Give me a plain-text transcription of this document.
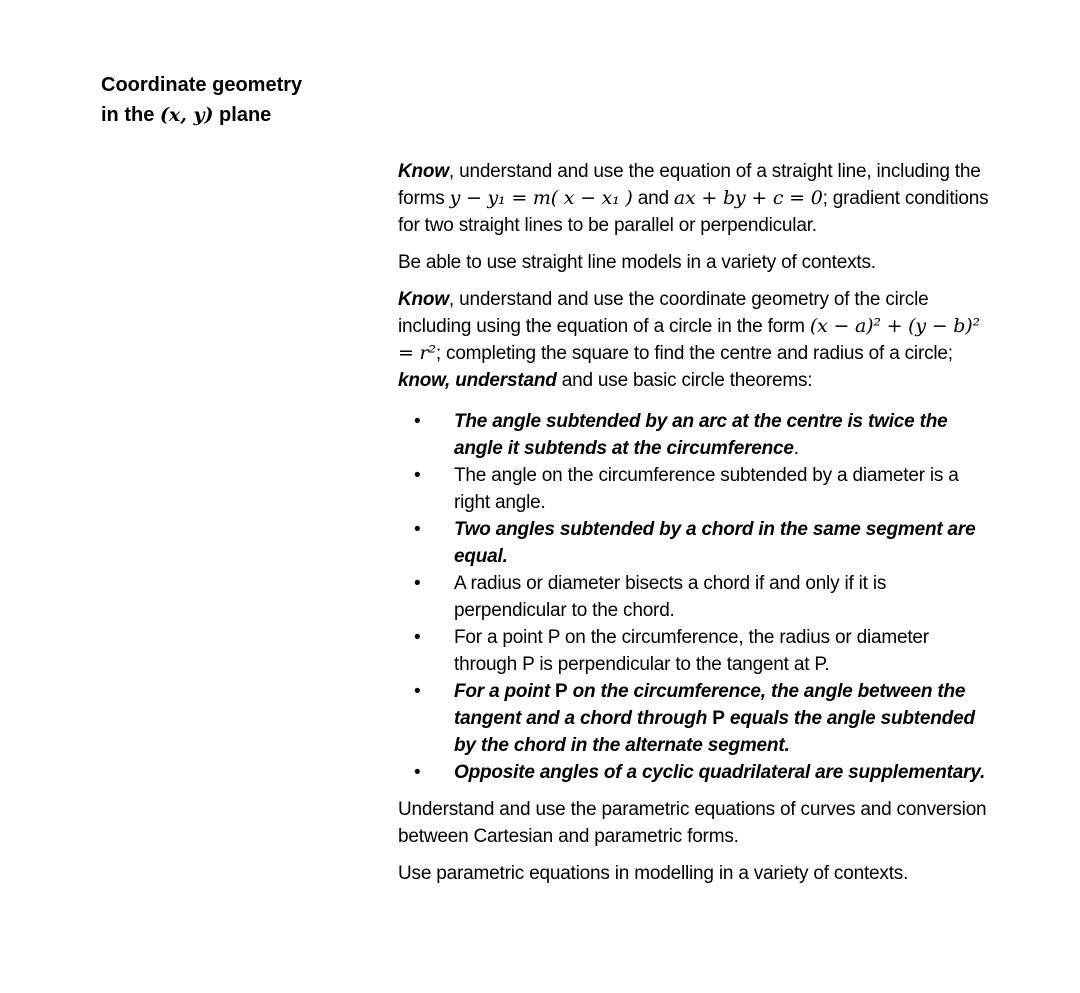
Coordinate geometry
in the (x, y) plane

Know, understand and use the equation of a straight line, including the forms y − y₁ = m( x − x₁ ) and ax + by + c = 0; gradient conditions for two straight lines to be parallel or perpendicular.

Be able to use straight line models in a variety of contexts.

Know, understand and use the coordinate geometry of the circle including using the equation of a circle in the form (x − a)² + (y − b)² = r²; completing the square to find the centre and radius of a circle; know, understand and use basic circle theorems:

• The angle subtended by an arc at the centre is twice the angle it subtends at the circumference.
• The angle on the circumference subtended by a diameter is a right angle.
• Two angles subtended by a chord in the same segment are equal.
• A radius or diameter bisects a chord if and only if it is perpendicular to the chord.
• For a point P on the circumference, the radius or diameter through P is perpendicular to the tangent at P.
• For a point P on the circumference, the angle between the tangent and a chord through P equals the angle subtended by the chord in the alternate segment.
• Opposite angles of a cyclic quadrilateral are supplementary.

Understand and use the parametric equations of curves and conversion between Cartesian and parametric forms.

Use parametric equations in modelling in a variety of contexts.
